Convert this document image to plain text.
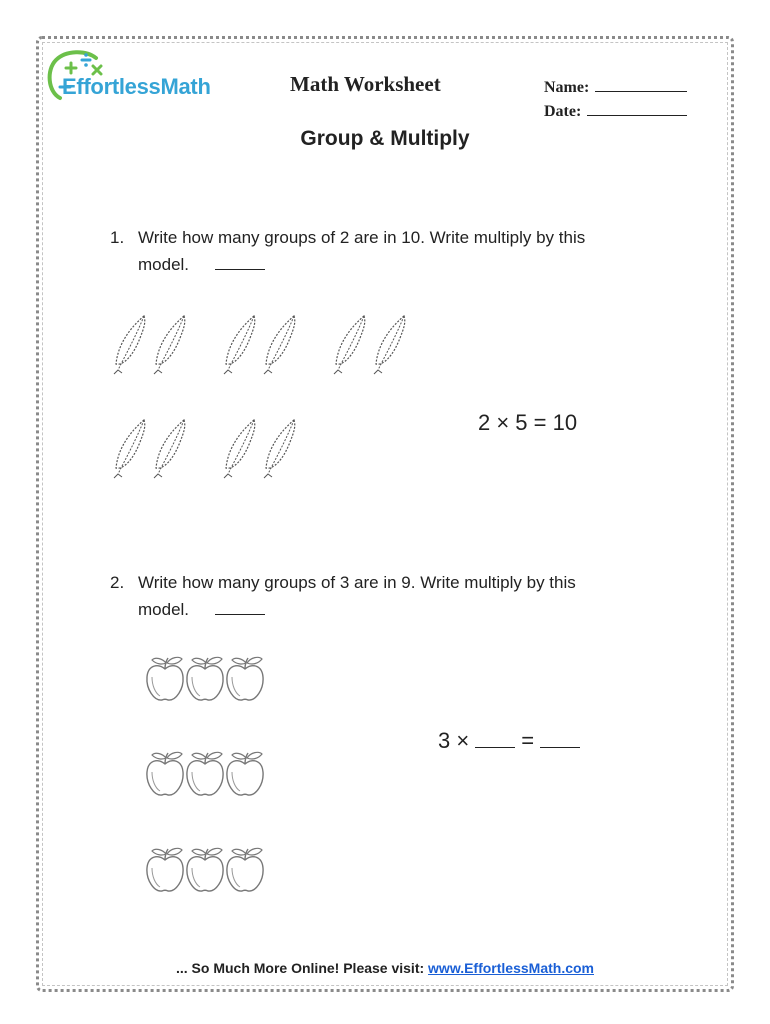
EffortlessMath	Math Worksheet	Name:
Date:
Group & Multiply
1. Write how many groups of 2 are in 10. Write multiply by this
model.
2 × 5 = 10
2. Write how many groups of 3 are in 9. Write multiply by this
model.
3 × =
... So Much More Online! Please visit: www.EffortlessMath.com
